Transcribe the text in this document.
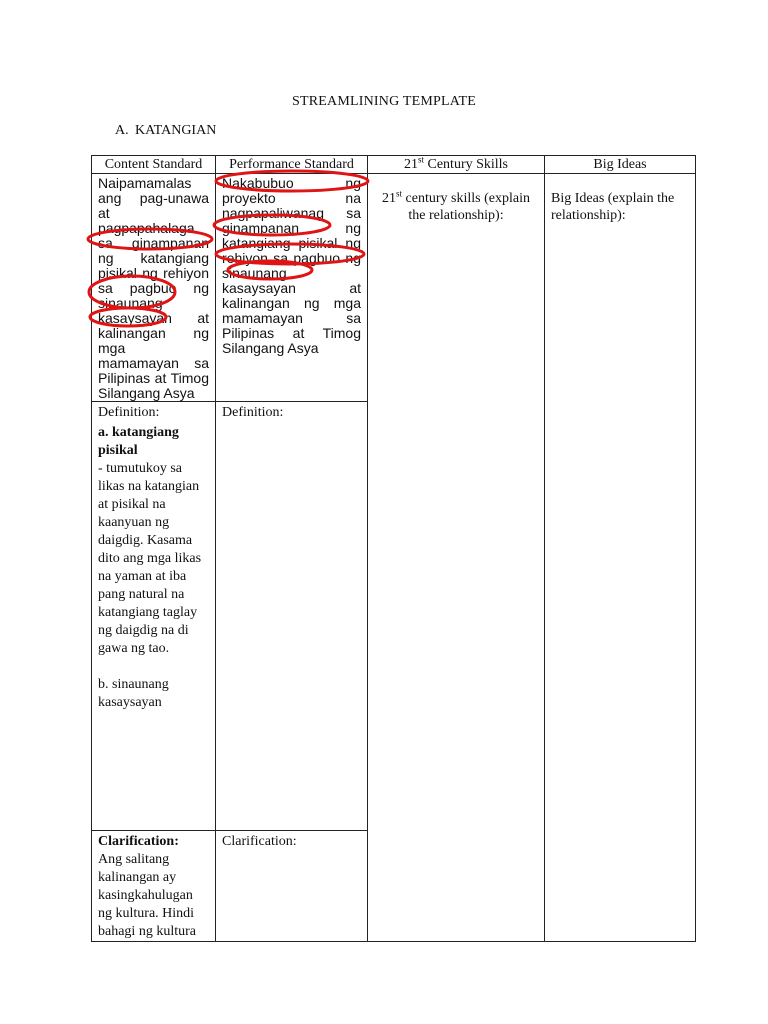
STREAMLINING TEMPLATE
A. KATANGIAN
Content Standard	Performance Standard	21st Century Skills	Big Ideas
Naipamamalas ang pag-unawa at pagpapahalaga sa ginampanan ng katangiang pisikal ng rehiyon sa pagbuo ng sinaunang kasaysayan at kalinangan ng mga mamamayan sa Pilipinas at Timog Silangang Asya	Nakabubuo ng proyekto na nagpapaliwanag sa ginampanan ng katangiang pisikal ng rehiyon sa pagbuo ng sinaunang kasaysayan at kalinangan ng mga mamamayan sa Pilipinas at Timog Silangang Asya	21st century skills (explain the relationship):	Big Ideas (explain the relationship):

Definition:
a. katangiang pisikal
- tumutukoy sa likas na katangian at pisikal na kaanyuan ng daigdig. Kasama dito ang mga likas na yaman at iba pang natural na katangiang taglay ng daigdig na di gawa ng tao.
b. sinaunang kasaysayan	Definition:		

Clarification:
Ang salitang kalinangan ay kasingkahulugan ng kultura. Hindi bahagi ng kultura	Clarification:		
